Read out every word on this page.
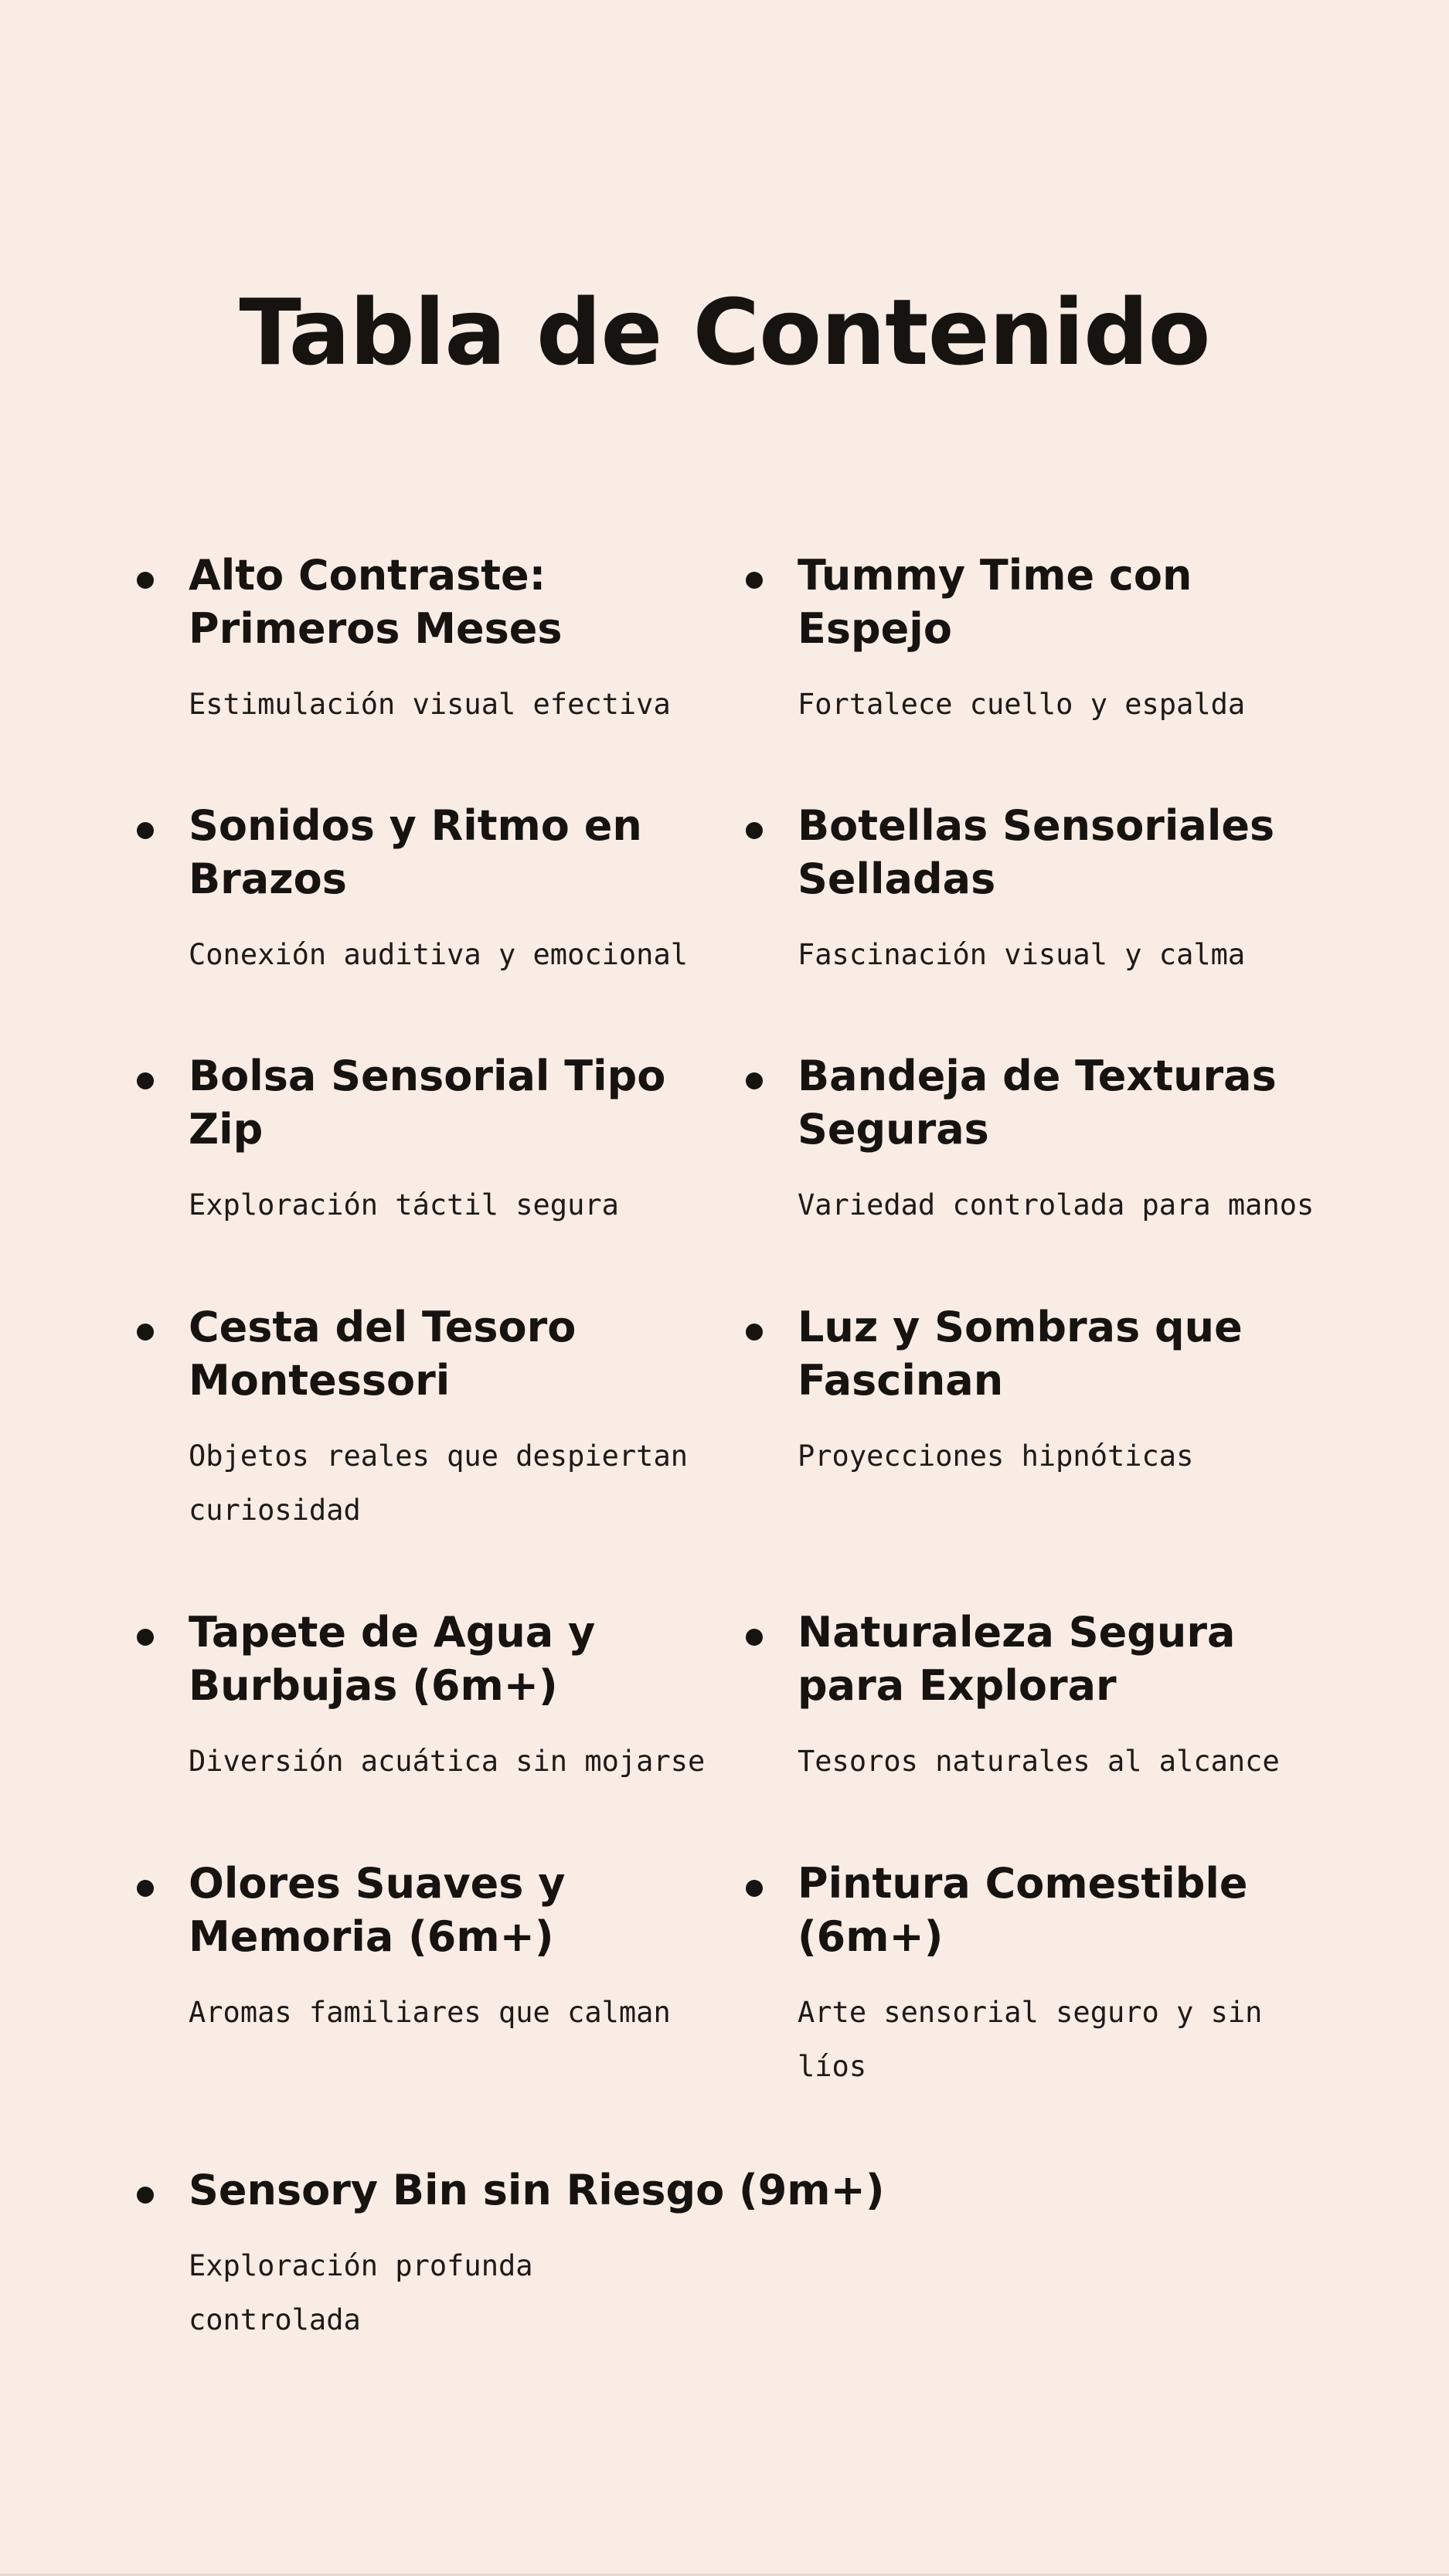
Tabla de Contenido
Alto Contraste: Primeros Meses

Estimulación visual efectiva

Tummy Time con Espejo

Fortalece cuello y espalda

Sonidos y Ritmo en Brazos

Conexión auditiva y emocional

Botellas Sensoriales Selladas

Fascinación visual y calma

Bolsa Sensorial Tipo Zip

Exploración táctil segura

Bandeja de Texturas Seguras

Variedad controlada para manos

Cesta del Tesoro Montessori

Objetos reales que despiertan curiosidad

Luz y Sombras que Fascinan

Proyecciones hipnóticas

Tapete de Agua y Burbujas (6m+)

Diversión acuática sin mojarse

Naturaleza Segura para Explorar

Tesoros naturales al alcance

Olores Suaves y Memoria (6m+)

Aromas familiares que calman

Pintura Comestible (6m+)

Arte sensorial seguro y sin líos

Sensory Bin sin Riesgo (9m+)

Exploración profunda controlada
